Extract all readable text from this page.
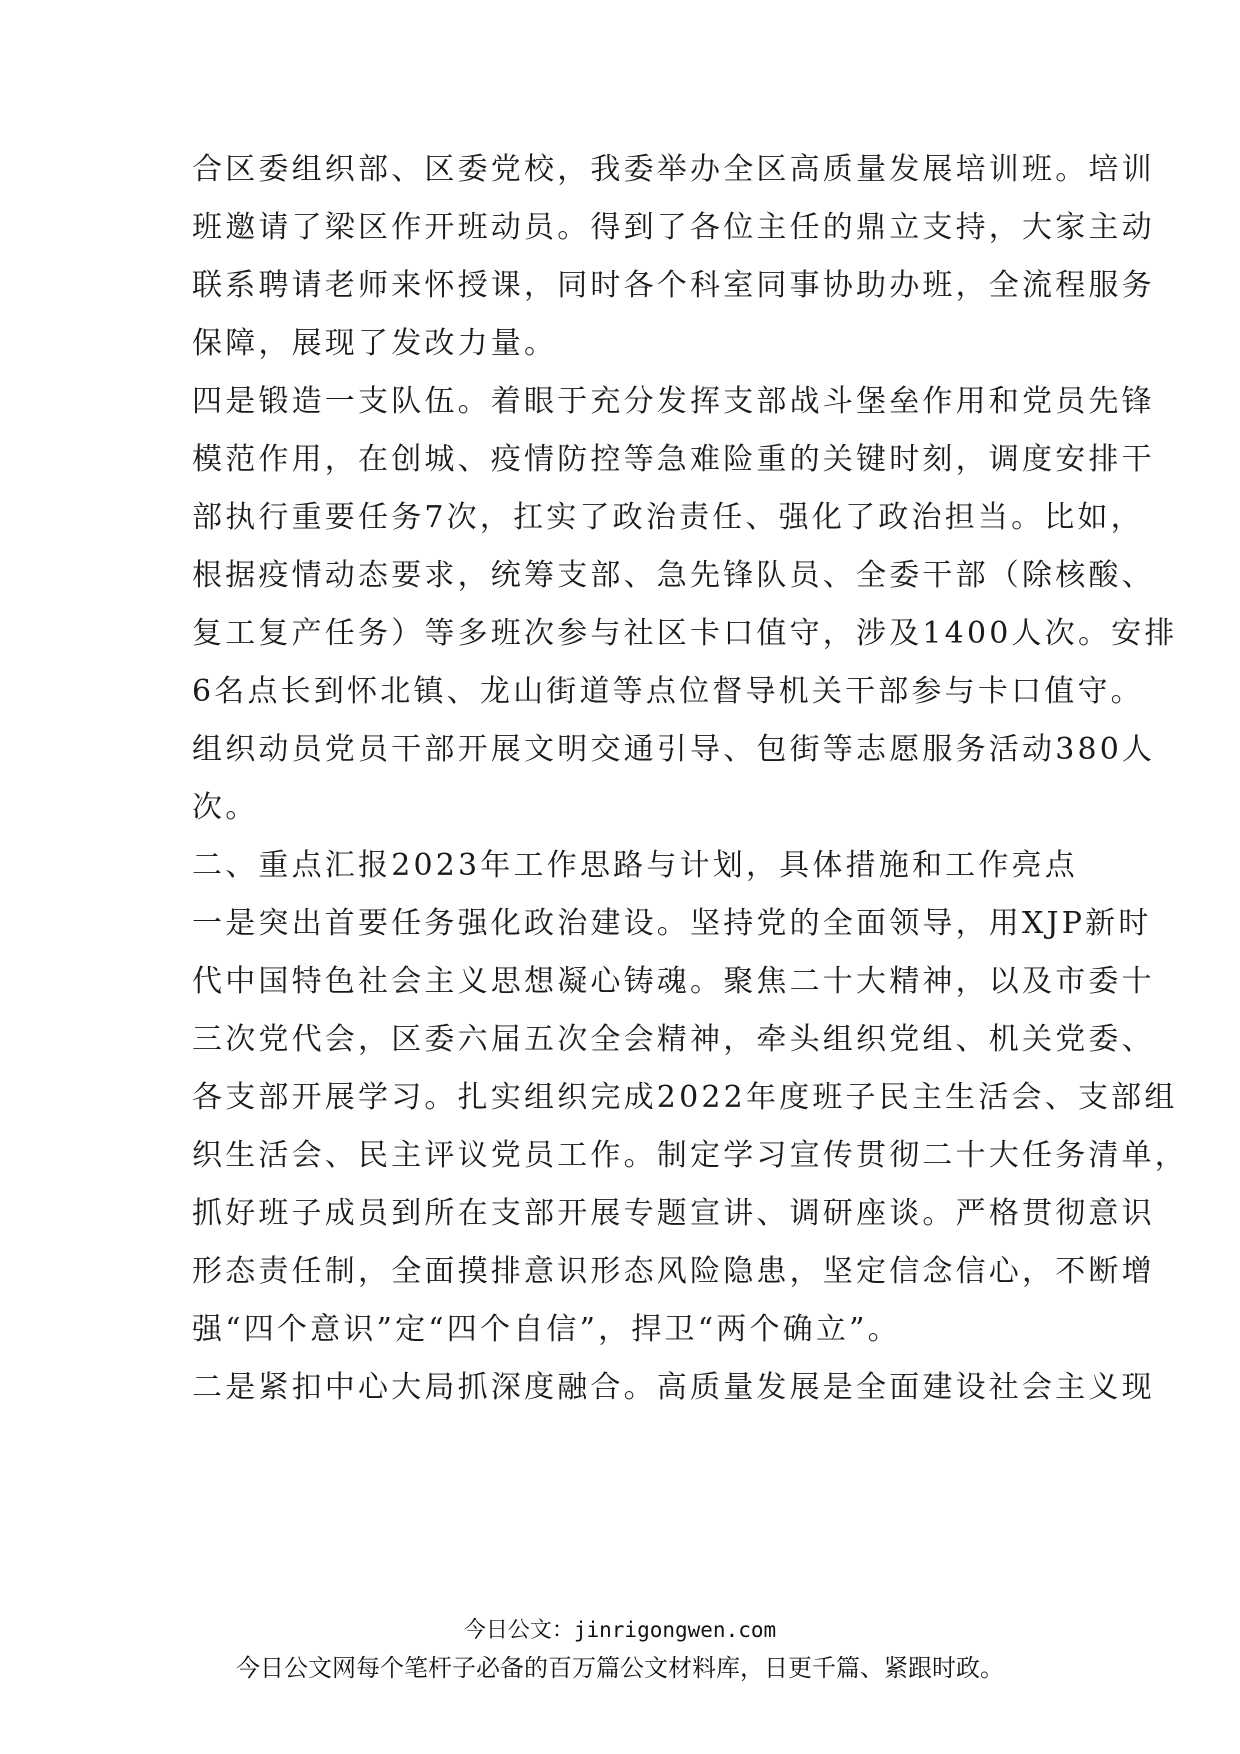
合区委组织部、区委党校，我委举办全区高质量发展培训班。培训
班邀请了梁区作开班动员。得到了各位主任的鼎立支持，大家主动
联系聘请老师来怀授课，同时各个科室同事协助办班，全流程服务
保障，展现了发改力量。
四是锻造一支队伍。着眼于充分发挥支部战斗堡垒作用和党员先锋
模范作用，在创城、疫情防控等急难险重的关键时刻，调度安排干
部执行重要任务7次，扛实了政治责任、强化了政治担当。比如，
根据疫情动态要求，统筹支部、急先锋队员、全委干部（除核酸、
复工复产任务）等多班次参与社区卡口值守，涉及1400人次。安排
6名点长到怀北镇、龙山街道等点位督导机关干部参与卡口值守。
组织动员党员干部开展文明交通引导、包街等志愿服务活动380人
次。
二、重点汇报2023年工作思路与计划，具体措施和工作亮点
一是突出首要任务强化政治建设。坚持党的全面领导，用XJP新时
代中国特色社会主义思想凝心铸魂。聚焦二十大精神，以及市委十
三次党代会，区委六届五次全会精神，牵头组织党组、机关党委、
各支部开展学习。扎实组织完成2022年度班子民主生活会、支部组
织生活会、民主评议党员工作。制定学习宣传贯彻二十大任务清单，
抓好班子成员到所在支部开展专题宣讲、调研座谈。严格贯彻意识
形态责任制，全面摸排意识形态风险隐患，坚定信念信心，不断增
强“四个意识”定“四个自信”，捍卫“两个确立”。
二是紧扣中心大局抓深度融合。高质量发展是全面建设社会主义现
今日公文：jinrigongwen.com
今日公文网每个笔杆子必备的百万篇公文材料库，日更千篇、紧跟时政。
